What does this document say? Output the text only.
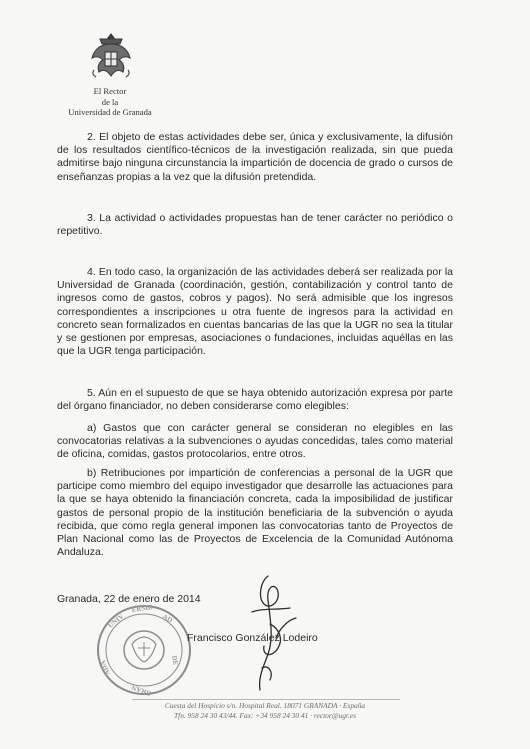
El Rector
de la
Universidad de Granada

2. El objeto de estas actividades debe ser, única y exclusivamente, la difusión de los resultados científico-técnicos de la investigación realizada, sin que pueda admitirse bajo ninguna circunstancia la impartición de docencia de grado o cursos de enseñanzas propias a la vez que la difusión pretendida.

3. La actividad o actividades propuestas han de tener carácter no periódico o repetitivo.

4. En todo caso, la organización de las actividades deberá ser realizada por la Universidad de Granada (coordinación, gestión, contabilización y control tanto de ingresos como de gastos, cobros y pagos). No será admisible que los ingresos correspondientes a inscripciones u otra fuente de ingresos para la actividad en concreto sean formalizados en cuentas bancarias de las que la UGR no sea la titular y se gestionen por empresas, asociaciones o fundaciones, incluidas aquéllas en las que la UGR tenga participación.

5. Aún en el supuesto de que se haya obtenido autorización expresa por parte del órgano financiador, no deben considerarse como elegibles:

a) Gastos que con carácter general se consideran no elegibles en las convocatorias relativas a la subvenciones o ayudas concedidas, tales como material de oficina, comidas, gastos protocolarios, entre otros.

b) Retribuciones por impartición de conferencias a personal de la UGR que participe como miembro del equipo investigador que desarrolle las actuaciones para la que se haya obtenido la financiación concreta, cada la imposibilidad de justificar gastos de personal propio de la institución beneficiaria de la subvención o ayuda recibida, que como regla general imponen las convocatorias tanto de Proyectos de Plan Nacional como las de Proyectos de Excelencia de la Comunidad Autónoma Andaluza.

UNIV
ERSID
AD
DE
GRAN
ADA
Granada, 22 de enero de 2014
Francisco González Lodeiro
Cuesta del Hospicio s/n. Hospital Real. 18071 GRANADA · España
Tfn. 958 24 30 43/44. Fax: +34 958 24 30 41 · rector@ugr.es
